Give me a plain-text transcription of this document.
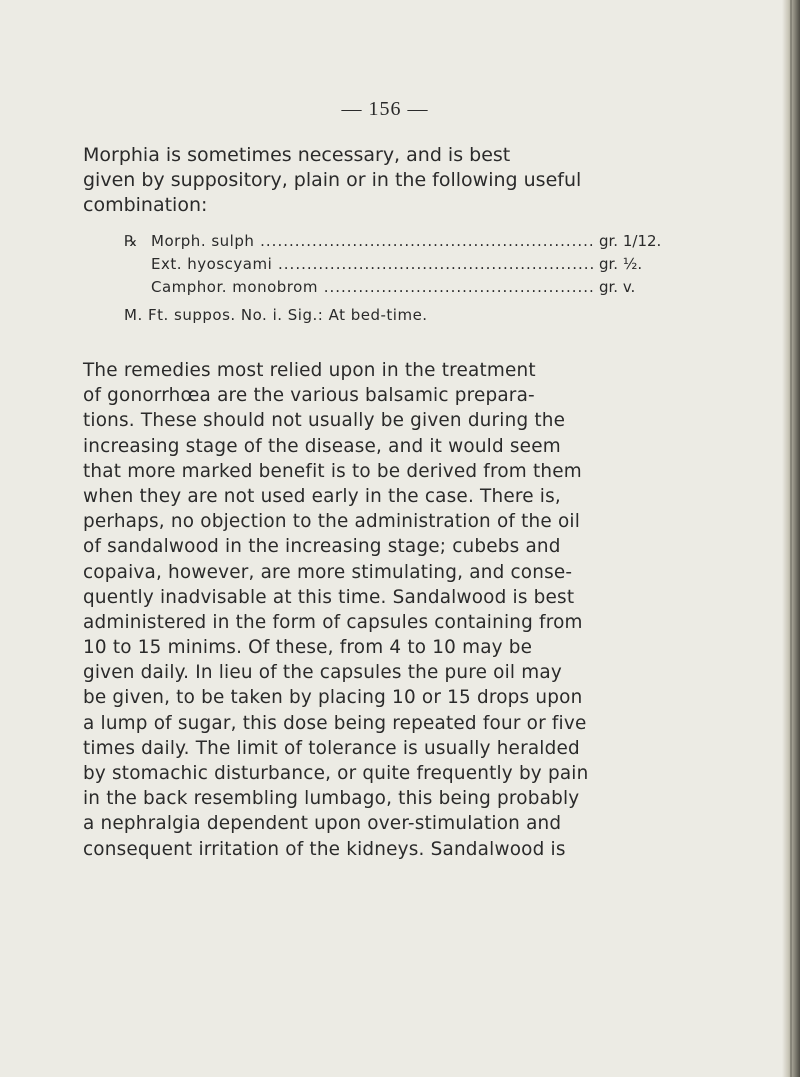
— 156 —
Morphia is sometimes necessary, and is best
given by suppository, plain or in the following useful
combination:
℞ Morph. sulph .....	gr. 1/12.
Ext. hyoscyami .....	gr. ½.
Camphor. monobrom .....	gr. v.
M. Ft. suppos. No. i. Sig.: At bed-time.
The remedies most relied upon in the treatment
of gonorrhœa are the various balsamic prepara-
tions. These should not usually be given during the
increasing stage of the disease, and it would seem
that more marked benefit is to be derived from them
when they are not used early in the case. There is,
perhaps, no objection to the administration of the oil
of sandalwood in the increasing stage; cubebs and
copaiva, however, are more stimulating, and conse-
quently inadvisable at this time. Sandalwood is best
administered in the form of capsules containing from
10 to 15 minims. Of these, from 4 to 10 may be
given daily. In lieu of the capsules the pure oil may
be given, to be taken by placing 10 or 15 drops upon
a lump of sugar, this dose being repeated four or five
times daily. The limit of tolerance is usually heralded
by stomachic disturbance, or quite frequently by pain
in the back resembling lumbago, this being probably
a nephralgia dependent upon over-stimulation and
consequent irritation of the kidneys. Sandalwood is
